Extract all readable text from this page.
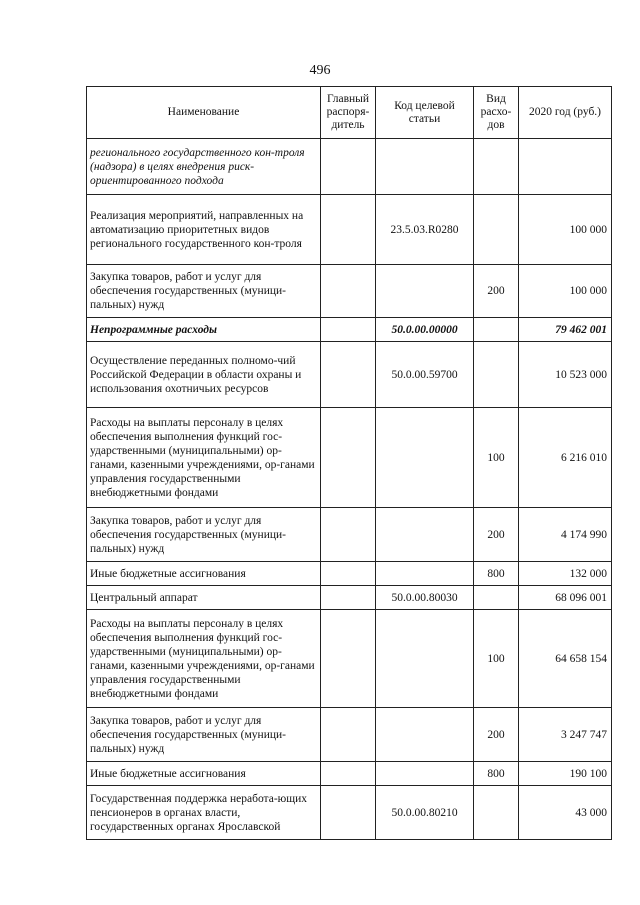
496
Наименование	Главный распоря-дитель	Код целевой статьи	Вид расхо-дов	2020 год (руб.)
регионального государственного кон-троля (надзора) в целях внедрения риск-ориентированного подхода				
Реализация мероприятий, направленных на автоматизацию приоритетных видов регионального государственного кон-троля		23.5.03.R0280		100 000
Закупка товаров, работ и услуг для обеспечения государственных (муници-пальных) нужд			200	100 000
Непрограммные расходы		50.0.00.00000		79 462 001
Осуществление переданных полномо-чий Российской Федерации в области охраны и использования охотничьих ресурсов		50.0.00.59700		10 523 000
Расходы на выплаты персоналу в целях обеспечения выполнения функций гос-ударственными (муниципальными) ор-ганами, казенными учреждениями, ор-ганами управления государственными внебюджетными фондами			100	6 216 010
Закупка товаров, работ и услуг для обеспечения государственных (муници-пальных) нужд			200	4 174 990
Иные бюджетные ассигнования			800	132 000
Центральный аппарат		50.0.00.80030		68 096 001
Расходы на выплаты персоналу в целях обеспечения выполнения функций гос-ударственными (муниципальными) ор-ганами, казенными учреждениями, ор-ганами управления государственными внебюджетными фондами			100	64 658 154
Закупка товаров, работ и услуг для обеспечения государственных (муници-пальных) нужд			200	3 247 747
Иные бюджетные ассигнования			800	190 100
Государственная поддержка неработа-ющих пенсионеров в органах власти, государственных органах Ярославской		50.0.00.80210		43 000
